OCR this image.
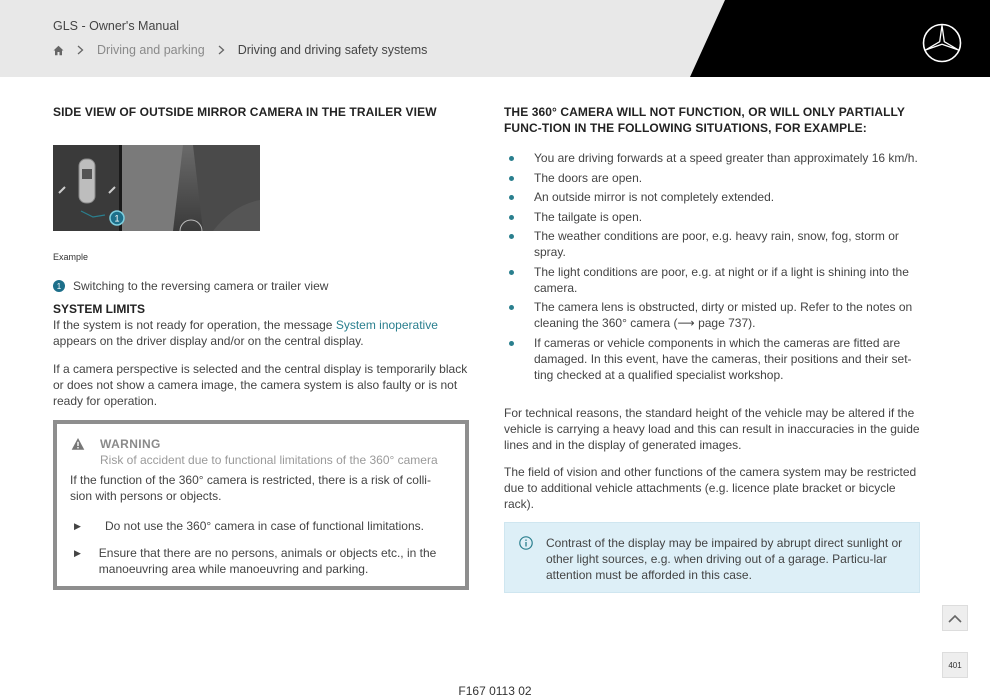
GLS - Owner's Manual
Driving and parking	Driving and driving safety systems
SIDE VIEW OF OUTSIDE MIRROR CAMERA IN THE TRAILER VIEW
1
Example
1 Switching to the reversing camera or trailer view
SYSTEM LIMITS

If the system is not ready for operation, the message System inoperative appears on the driver display and/or on the central display.

If a camera perspective is selected and the central display is temporarily black or does not show a camera image, the camera system is also faulty or is not ready for operation.

WARNING
Risk of accident due to functional limitations of the 360° camera

If the function of the 360° camera is restricted, there is a risk of colli-sion with persons or objects.

▶	Do not use the 360° camera in case of functional limitations.

▶ Ensure that there are no persons, animals or objects etc., in the manoeuvring area while manoeuvring and parking.

THE 360° CAMERA WILL NOT FUNCTION, OR WILL ONLY PARTIALLY FUNC-TION IN THE FOLLOWING SITUATIONS, FOR EXAMPLE:
You are driving forwards at a speed greater than approximately 16 km/h.
The doors are open.
An outside mirror is not completely extended.
The tailgate is open.
The weather conditions are poor, e.g. heavy rain, snow, fog, storm or spray.
The light conditions are poor, e.g. at night or if a light is shining into the camera.
The camera lens is obstructed, dirty or misted up. Refer to the notes on cleaning the 360° camera (⟶ page 737).
If cameras or vehicle components in which the cameras are fitted are damaged. In this event, have the cameras, their positions and their set-ting checked at a qualified specialist workshop.

For technical reasons, the standard height of the vehicle may be altered if the vehicle is carrying a heavy load and this can result in inaccuracies in the guide lines and in the display of generated images.

The field of vision and other functions of the camera system may be restricted due to additional vehicle attachments (e.g. licence plate bracket or bicycle rack).

Contrast of the display may be impaired by abrupt direct sunlight or other light sources, e.g. when driving out of a garage. Particu-lar attention must be afforded in this case.

401
F167 0113 02
